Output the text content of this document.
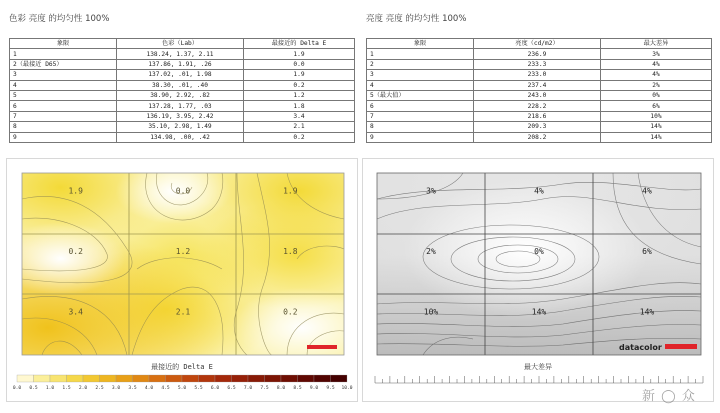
色彩 亮度 的均匀性 100%
象限	色彩（Lab）	最接近的 Delta E
1	138.24, 1.37, 2.11	1.9
2（最接近 D65）	137.86, 1.91, .26	0.0
3	137.02, .01, 1.98	1.9
4	38.30, .01, .40	0.2
5	38.90, 2.92, .82	1.2
6	137.28, 1.77, .03	1.8
7	136.19, 3.95, 2.42	3.4
8	35.10, 2.98, 1.49	2.1
9	134.98, .00, .42	0.2
亮度 亮度 的均匀性 100%
象限	亮度（cd/m2）	最大差异
1	236.9	3%
2	233.3	4%
3	233.0	4%
4	237.4	2%
5（最大值）	243.0	0%
6	228.2	6%
7	218.6	10%
8	209.3	14%
9	208.2	14%
1.9	0.0	1.9
0.2	1.2	1.8
3.4	2.1	0.2
最接近的 Delta E
0.0 0.5 1.0 1.5 2.0 2.5 3.0 3.5 4.0 4.5 5.0 5.5 6.0 6.5 7.0 7.5 8.0 8.5 9.0 9.5 10.0
3%	4%	4%
2%	0%	6%
10%	14%	14%
datacolor
最大差异
新 ◯ 众
